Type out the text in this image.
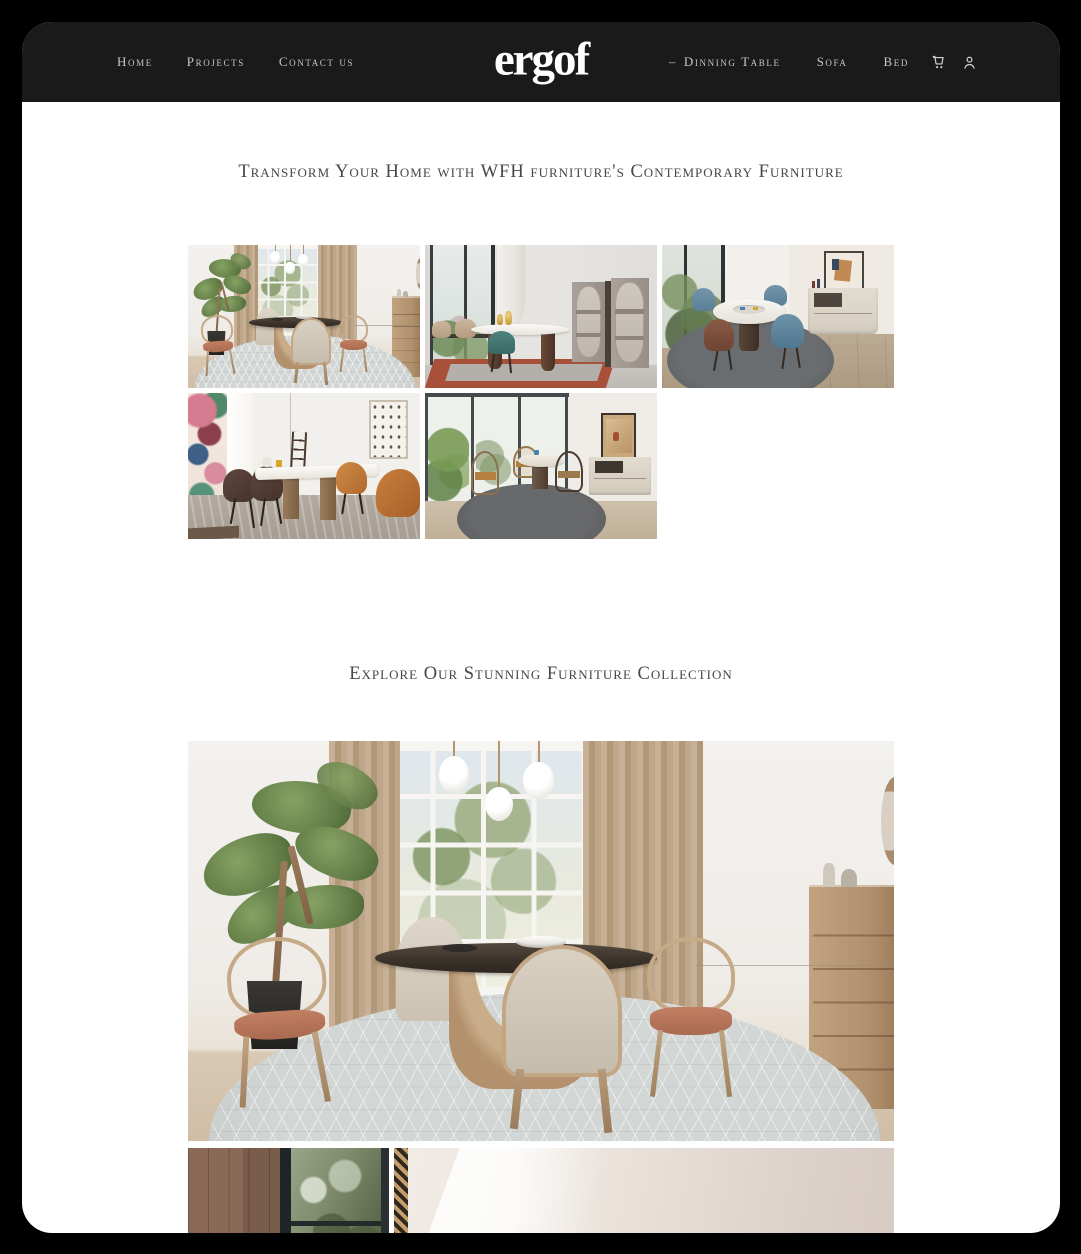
Home	Projects	Contact us	ergof	– Dinning Table	Sofa	Bed
Transform Your Home with WFH furniture's Contemporary Furniture
Explore Our Stunning Furniture Collection
